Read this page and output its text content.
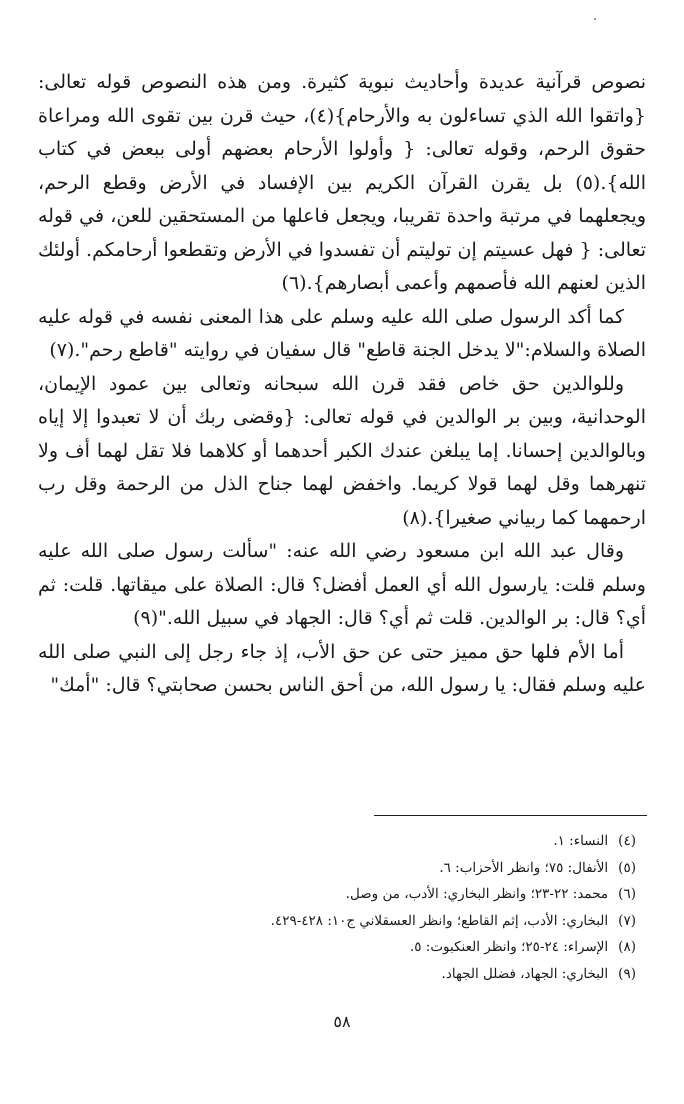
نصوص قرآنية عديدة وأحاديث نبوية كثيرة. ومن هذه النصوص قوله تعالى: {واتقوا الله الذي تساءلون به والأرحام}(٤)، حيث قرن بين تقوى الله ومراعاة حقوق الرحم، وقوله تعالى: { وأولوا الأرحام بعضهم أولى ببعض في كتاب الله}.(٥) بل يقرن القرآن الكريم بين الإفساد في الأرض وقطع الرحم، ويجعلهما في مرتبة واحدة تقريبا، ويجعل فاعلها من المستحقين للعن، في قوله تعالى: { فهل عسيتم إن توليتم أن تفسدوا في الأرض وتقطعوا أرحامكم. أولئك الذين لعنهم الله فأصمهم وأعمى أبصارهم}.(٦)

كما أكد الرسول صلى الله عليه وسلم على هذا المعنى نفسه في قوله عليه الصلاة والسلام:"لا يدخل الجنة قاطع" قال سفيان في روايته "قاطع رحم".(٧)

وللوالدين حق خاص فقد قرن الله سبحانه وتعالى بين عمود الإيمان، الوحدانية، وبين بر الوالدين في قوله تعالى: {وقضى ربك أن لا تعبدوا إلا إياه وبالوالدين إحسانا. إما يبلغن عندك الكبر أحدهما أو كلاهما فلا تقل لهما أف ولا تنهرهما وقل لهما قولا كريما. واخفض لهما جناح الذل من الرحمة وقل رب ارحمهما كما ربياني صغيرا}.(٨)

وقال عبد الله ابن مسعود رضي الله عنه: "سألت رسول صلى الله عليه وسلم قلت: يارسول الله أي العمل أفضل؟ قال: الصلاة على ميقاتها. قلت: ثم أي؟ قال: بر الوالدين. قلت ثم أي؟ قال: الجهاد في سبيل الله."(٩)

أما الأم فلها حق مميز حتى عن حق الأب، إذ جاء رجل إلى النبي صلى الله عليه وسلم فقال: يا رسول الله، من أحق الناس بحسن صحابتي؟ قال: "أمك"

(٤)النساء: ١.
(٥)الأنفال: ٧٥؛ وانظر الأحزاب: ٦.
(٦)محمد: ٢٢-٢٣؛ وانظر البخاري: الأدب، من وصل.
(٧)البخاري: الأدب، إثم القاطع؛ وانظر العسقلاني ج١٠: ٤٢٨-٤٢٩.
(٨)الإسراء: ٢٤-٢٥؛ وانظر العنكبوت: ٥.
(٩)البخاري: الجهاد، فضلل الجهاد.
٥٨
